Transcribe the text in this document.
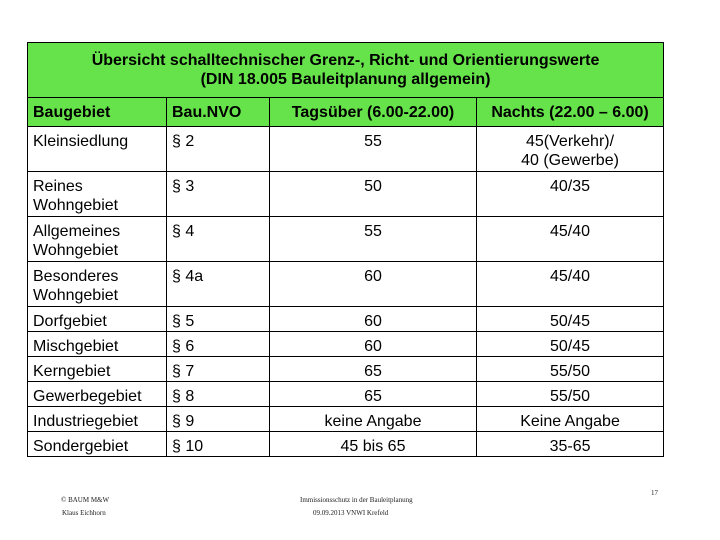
Übersicht schalltechnischer Grenz-, Richt- und Orientierungswerte
(DIN 18.005 Bauleitplanung allgemein)			

Baugebiet	Bau.NVO	Tagsüber (6.00-22.00)	Nachts (22.00 – 6.00)
Kleinsiedlung	§ 2	55	45(Verkehr)/
40 (Gewerbe)
Reines
Wohngebiet	§ 3	50	40/35
Allgemeines
Wohngebiet	§ 4	55	45/40
Besonderes
Wohngebiet	§ 4a	60	45/40
Dorfgebiet	§ 5	60	50/45
Mischgebiet	§ 6	60	50/45
Kerngebiet	§ 7	65	55/50
Gewerbegebiet	§ 8	65	55/50
Industriegebiet	§ 9	keine Angabe	Keine Angabe
Sondergebiet	§ 10	45 bis 65	35-65
© BAUM M&W
Klaus Eichhorn
Immissionsschutz in der Bauleitplanung
09.09.2013 VNWI Krefeld
17
